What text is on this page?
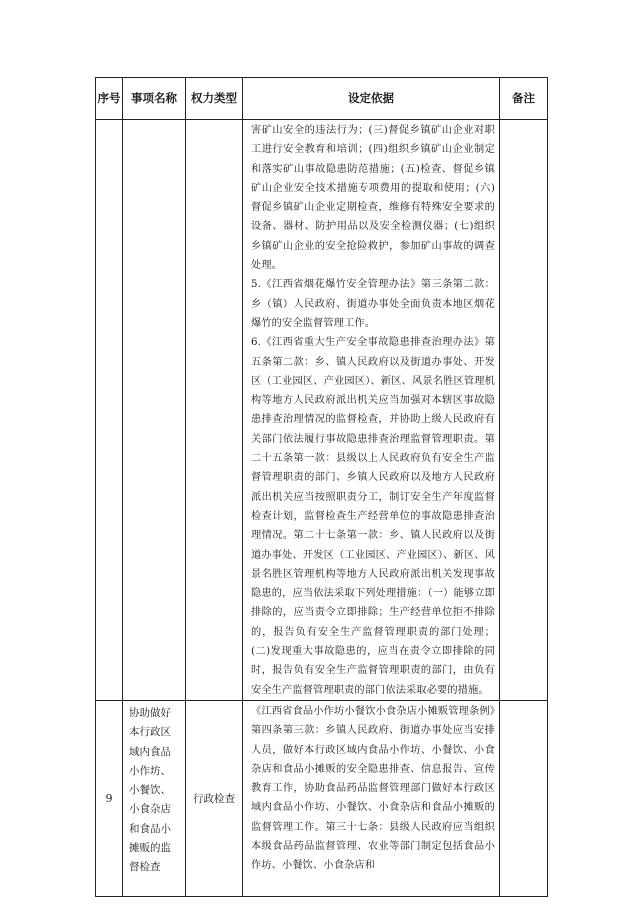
序号	事项名称	权力类型	设定依据	备注

			害矿山安全的违法行为；(三)督促乡镇矿山企业对职工进行安全教育和培训；(四)组织乡镇矿山企业制定和落实矿山事故隐患防范措施；(五)检查、督促乡镇矿山企业安全技术措施专项费用的提取和使用；(六)督促乡镇矿山企业定期检查，维修有特殊安全要求的设备、器材、防护用品以及安全检测仪器；(七)组织乡镇矿山企业的安全抢险救护，参加矿山事故的调查处理。

5.《江西省烟花爆竹安全管理办法》第三条第二款：乡（镇）人民政府、街道办事处全面负责本地区烟花爆竹的安全监督管理工作。

6.《江西省重大生产安全事故隐患排查治理办法》第五条第二款：乡、镇人民政府以及街道办事处、开发区（工业园区、产业园区）、新区、风景名胜区管理机构等地方人民政府派出机关应当加强对本辖区事故隐患排查治理情况的监督检查，并协助上级人民政府有关部门依法履行事故隐患排查治理监督管理职责。第二十五条第一款：县级以上人民政府负有安全生产监督管理职责的部门、乡镇人民政府以及地方人民政府派出机关应当按照职责分工，制订安全生产年度监督检查计划，监督检查生产经营单位的事故隐患排查治理情况。第二十七条第一款：乡、镇人民政府以及街道办事处、开发区（工业园区、产业园区）、新区、风景名胜区管理机构等地方人民政府派出机关发现事故隐患的，应当依法采取下列处理措施：（一）能够立即排除的，应当责令立即排除；生产经营单位拒不排除的，报告负有安全生产监督管理职责的部门处理；(二)发现重大事故隐患的，应当在责令立即排除的同时，报告负有安全生产监督管理职责的部门，由负有安全生产监督管理职责的部门依法采取必要的措施。	

9	协助做好本行政区域内食品小作坊、小餐饮、小食杂店和食品小摊贩的监督检查	行政检查	《江西省食品小作坊小餐饮小食杂店小摊贩管理条例》第四条第三款：乡镇人民政府、街道办事处应当安排人员，做好本行政区域内食品小作坊、小餐饮、小食杂店和食品小摊贩的安全隐患排查、信息报告、宣传教育工作，协助食品药品监督管理部门做好本行政区域内食品小作坊、小餐饮、小食杂店和食品小摊贩的监督管理工作。第三十七条：县级人民政府应当组织本级食品药品监督管理、农业等部门制定包括食品小作坊、小餐饮、小食杂店和	
